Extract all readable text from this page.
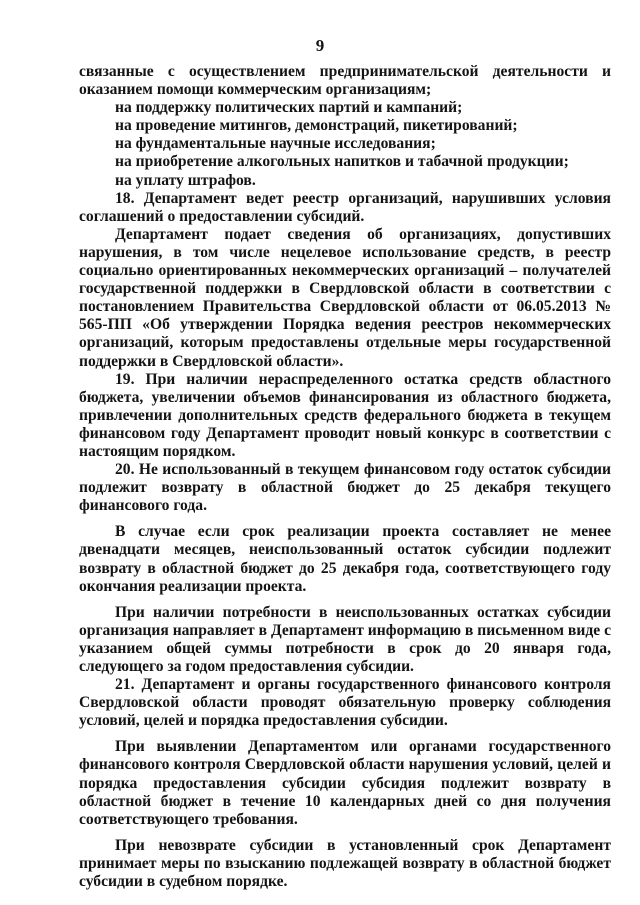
9

связанные с осуществлением предпринимательской деятельности и оказанием помощи коммерческим организациям;

на поддержку политических партий и кампаний;

на проведение митингов, демонстраций, пикетирований;

на фундаментальные научные исследования;

на приобретение алкогольных напитков и табачной продукции;

на уплату штрафов.

18. Департамент ведет реестр организаций, нарушивших условия соглашений о предоставлении субсидий.

Департамент подает сведения об организациях, допустивших нарушения, в том числе нецелевое использование средств, в реестр социально ориентированных некоммерческих организаций – получателей государственной поддержки в Свердловской области в соответствии с постановлением Правительства Свердловской области от 06.05.2013 № 565-ПП «Об утверждении Порядка ведения реестров некоммерческих организаций, которым предоставлены отдельные меры государственной поддержки в Свердловской области».

19. При наличии нераспределенного остатка средств областного бюджета, увеличении объемов финансирования из областного бюджета, привлечении дополнительных средств федерального бюджета в текущем финансовом году Департамент проводит новый конкурс в соответствии с настоящим порядком.

20. Не использованный в текущем финансовом году остаток субсидии подлежит возврату в областной бюджет до 25 декабря текущего финансового года.

В случае если срок реализации проекта составляет не менее двенадцати месяцев, неиспользованный остаток субсидии подлежит возврату в областной бюджет до 25 декабря года, соответствующего году окончания реализации проекта.

При наличии потребности в неиспользованных остатках субсидии организация направляет в Департамент информацию в письменном виде с указанием общей суммы потребности в срок до 20 января года, следующего за годом предоставления субсидии.

21. Департамент и органы государственного финансового контроля Свердловской области проводят обязательную проверку соблюдения условий, целей и порядка предоставления субсидии.

При выявлении Департаментом или органами государственного финансового контроля Свердловской области нарушения условий, целей и порядка предоставления субсидии субсидия подлежит возврату в областной бюджет в течение 10 календарных дней со дня получения соответствующего требования.

При невозврате субсидии в установленный срок Департамент принимает меры по взысканию подлежащей возврату в областной бюджет субсидии в судебном порядке.
